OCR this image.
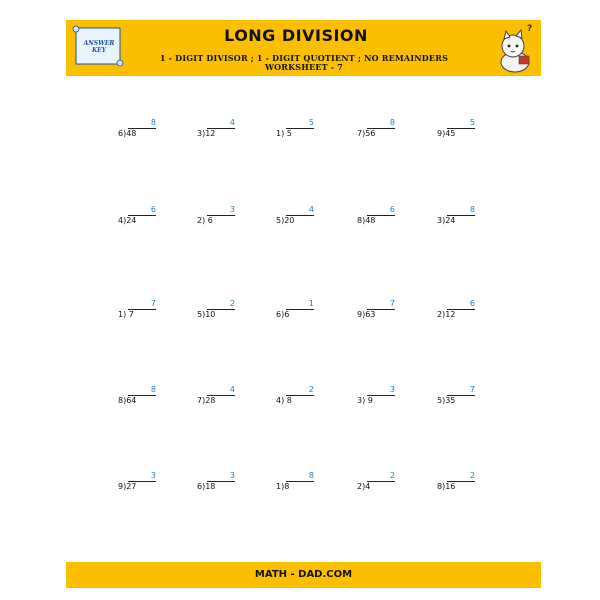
ANSWER
KEY
LONG DIVISION
1 - DIGIT DIVISOR ; 1 - DIGIT QUOTIENT ; NO REMAINDERS
WORKSHEET - 7
?
8
6)48
4
3)12
5
1) 5
8
7)56
5
9)45
6
4)24
3
2) 6
4
5)20
6
8)48
8
3)24
7
1) 7
2
5)10
1
6)6
7
9)63
6
2)12
8
8)64
4
7)28
2
4) 8
3
3) 9
7
5)35
3
9)27
3
6)18
8
1)8
2
2)4
2
8)16
MATH - DAD.COM
